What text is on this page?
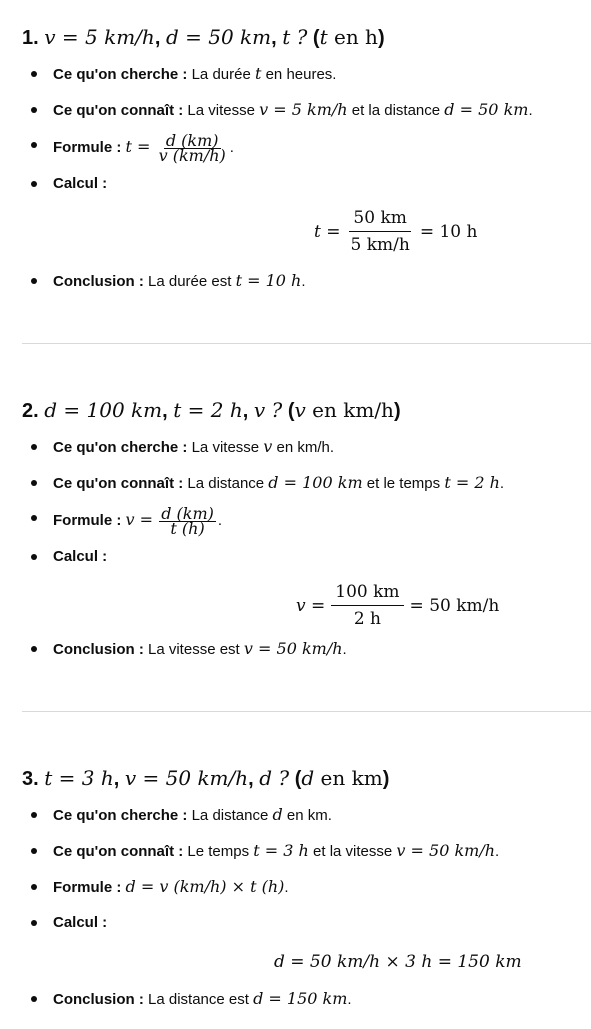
1. v = 5 km/h, d = 50 km, t ? (t en h)
Ce qu'on cherche : La durée t en heures.
Ce qu'on connaît : La vitesse v = 5 km/h et la distance d = 50 km.
Formule : $t = \frac{d (km)}{v (km/h)}$ .
Calcul :
$t = \frac{50 km}{5 km/h} = 10$ h
Conclusion : La durée est t = 10 h.
2. d = 100 km, t = 2 h, v ? (v en km/h)
Ce qu'on cherche : La vitesse v en km/h.
Ce qu'on connaît : La distance d = 100 km et le temps t = 2 h.
Formule : $v = \frac{d (km)}{t (h)}$ .
Calcul :
$v = \frac{100 km}{2 h} = 50$ km/h
Conclusion : La vitesse est v = 50 km/h.
3. t = 3 h, v = 50 km/h, d ? (d en km)
Ce qu'on cherche : La distance d en km.
Ce qu'on connaît : Le temps t = 3 h et la vitesse v = 50 km/h.
Formule : d = v (km/h) × t (h).
Calcul :
d = 50 km/h × 3 h = 150 km
Conclusion : La distance est d = 150 km.
